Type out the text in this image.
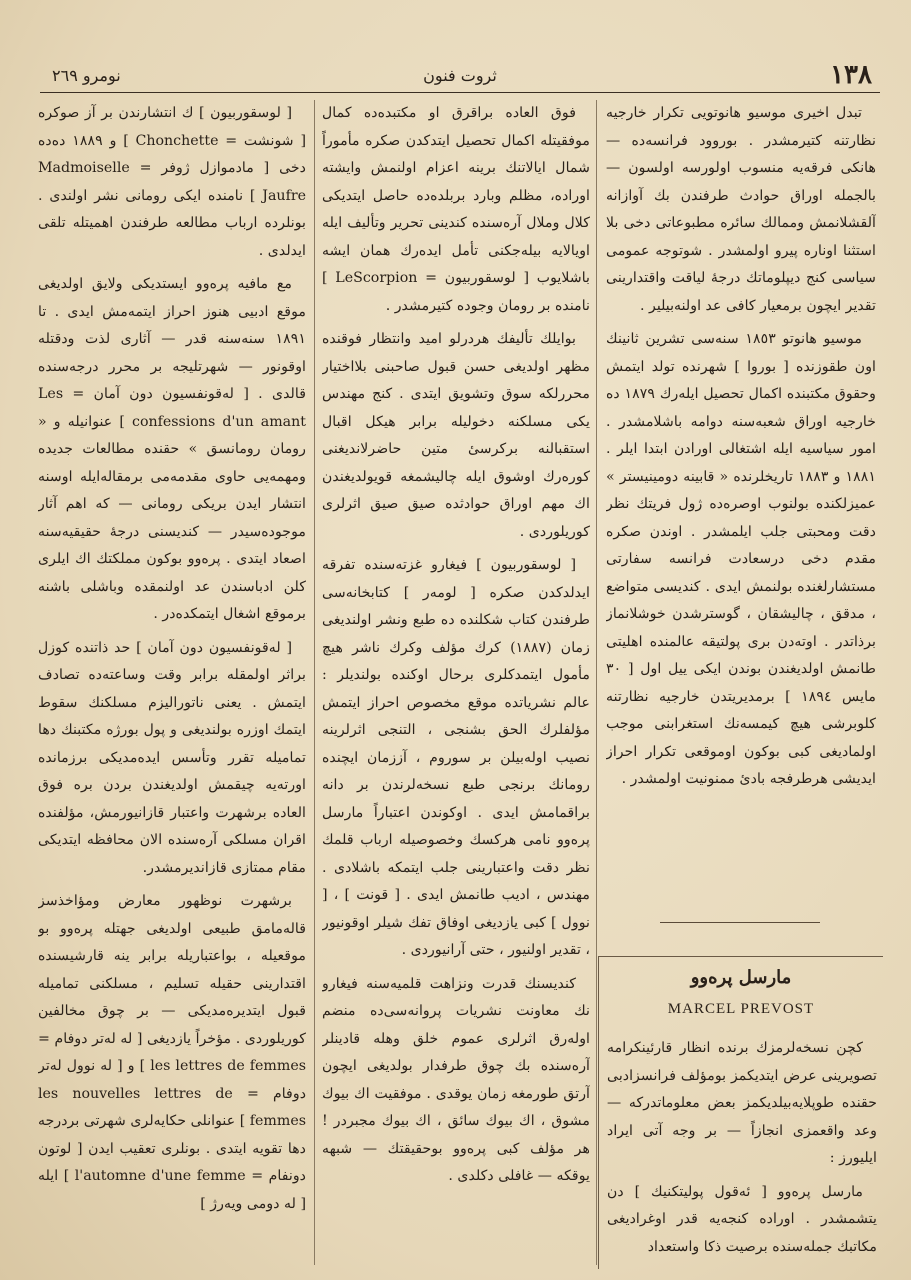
١٣٨
ثروت فنون
نومرو ٢٦٩

تبدل اخیری موسیو هانوتویی تکرار خارجیه نظارتنه کتیرمشدر . بوروود فرانسه‌ده — هانکی فرقه‌یه منسوب اولورسه اولسون — بالجمله اوراق حوادث طرفندن بك آوازانه آلقشلانمش وممالك سائره مطبوعاتی دخی بلا استثنا اوناره پیرو اولمشدر . شوتوجه عمومی سیاسی کنج دیپلوماتك درجهٔ لیاقت واقتدارینی تقدیر ایچون برمعیار کافی عد اولنه‌بیلیر .

موسیو هانوتو ١٨٥٣ سنه‌سی تشرین ثانینك اون طقوزنده [ بوروا ] شهرنده تولد ایتمش وحقوق مکتبنده اکمال تحصیل ایله‌رك ١٨٧٩ ده خارجیه اوراق شعبه‌سنه دوامه باشلامشدر . امور سیاسیه ایله اشتغالی اورادن ابتدا ایلر . ١٨٨١ و ١٨٨٣ تاریخلرنده « قابینه دومینیستر » عمیزلکنده بولنوب اوصره‌ده ژول فریتك نظر دقت ومحبتی جلب ایلمشدر . اوندن صکره مقدم دخی درسعادت فرانسه سفارتی مستشارلغنده بولنمش ایدی . کندیسی متواضع ، مدقق ، چالیشقان ، گوسترشدن خوشلانماز برذاتدر . اوتەدن بری پولتیقه عالمنده اهلیتی طانمش اولدیغندن بوندن ایکی ییل اول [ ٣٠ مایس ١٨٩٤ ] برمدیریتدن خارجیه نظارتنه کلوبرشی هیچ کیمسه‌نك استغرابنی موجب اولمادیغی کبی بوکون اوموقعی تکرار احراز ایدیشی هرطرفجه بادئ ممنونیت اولمشدر .

مارسل پره‌وو
MARCEL PREVOST

کچن نسخه‌لرمزك برنده انظار قارئینکرامه تصویرینی عرض ایتدیکمز بومؤلف فرانسزادبی حقنده طوپلایه‌بیلدیکمز بعض معلوماتدرکه — وعد واقعمزی انجازاً — بر وجه آتی ایراد ایلیورز :

مارسل پره‌وو [ ئەقول پولیتکنیك ] دن یتشمشدر . اوراده کنجه‌یه قدر اوغرادیغی مکاتبك جمله‌سنده برصیت ذکا واستعداد

فوق العاده براقرق او مکتبده‌ده کمال موفقیتله اکمال تحصیل ایتدکدن صکره مأموراً شمال ایالاتنك برینه اعزام اولنمش وایشته اوراده، مظلم وبارد بربلده‌ده حاصل ایتدیکی کلال وملال آره‌سنده کندینی تحریر وتألیف ایله اویالایه بیله‌جکنی تأمل ایده‌رك همان ایشه باشلایوب [ لوسقوربیون = LeScorpion ] نامنده بر رومان وجوده کتیرمشدر .

بوایلك تألیفك هردرلو امید وانتظار فوقنده مظهر اولدیغی حسن قبول صاحبنی بلااختیار محررلکه سوق وتشویق ایتدی . کنج مهندس یکی مسلکنه دخولیله برابر هیکل اقبال استقبالنه برکرسیٔ متین حاضرلاندیغنی کوره‌رك اوشوق ایله چالیشمغه قویولدیغندن اك مهم اوراق حوادثده صیق صیق اثرلری کوریلوردی .

[ لوسقوربیون ] فیغارو غزته‌سنده تفرقه ایدلدکدن صکره [ لومەر ] کتابخانه‌سی طرفندن کتاب شکلنده ده طبع ونشر اولندیغی زمان (١٨٨٧) کرك مؤلف وکرك ناشر هیچ مأمول ایتمدکلری برحال اوکنده بولندیلر : عالم نشریاتده موقع مخصوص احراز ایتمش مؤلفلرك الحق بشنجی ، التنجی اثرلرینه نصیب اوله‌بیلن بر سوروم ، آززمان ایچنده رومانك برنجی طبع نسخه‌لرندن بر دانه براقمامش ایدی . اوکوندن اعتباراً مارسل پره‌وو نامی هرکسك وخصوصیله ارباب قلمك نظر دقت واعتبارینی جلب ایتمکه باشلادی . مهندس ، ادیب طانمش ایدی . [ قونت ] ، [ نوول ] کبی یازدیغی اوفاق تفك شیلر اوقونیور ، تقدیر اولنیور ، حتی آرانیوردی .

کندیسنك قدرت ونزاهت قلمیه‌سنه فیغارو نك معاونت نشریات پروانه‌سی‌ده منضم اوله‌رق اثرلری عموم خلق وهله قادینلر آره‌سنده بك چوق طرفدار بولدیغی ایچون آرتق طورمغه زمان یوقدی . موفقیت اك بیوك مشوق ، اك بیوك سائق ، اك بیوك مجبردر ! هر مؤلف کبی پره‌وو بوحقیقتك — شبهه یوقکه — غافلی دکلدی .

[ لوسقوربیون ] ك انتشارندن بر آز صوکره [ شونشت = Chonchette ] و ١٨٨٩ ده‌ده دخی [ مادموازل ژوفر = Madmoiselle Jaufre ] نامنده ایکی رومانی نشر اولندی . بونلرده ارباب مطالعه طرفندن اهمیتله تلقی ایدلدی .

مع مافیه پره‌وو ایستدیکی ولایق اولدیغی موقع ادبیی هنوز احراز ایتمه‌مش ایدی . تا ١٨٩١ سنه‌سنه قدر — آثاری لذت ودقتله اوقونور — شهرتلیجه بر محرر درجه‌سنده قالدی . [ لەقونفسیون دون آمان = Les confessions d'un amant ] عنوانیله و « رومان رومانسق » حقنده مطالعات جدیده ومهمه‌یی حاوی مقدمه‌می برمقاله‌ایله اوسنه انتشار ایدن بریکی رومانی — که اهم آثار موجوده‌سیدر — کندیسنی درجهٔ حقیقیه‌سنه اصعاد ایتدی . پره‌وو بوکون مملکتك اك ایلری کلن ادباسندن عد اولنمقده وباشلی باشنه برموقع اشغال ایتمکده‌در .

[ لەقونفسیون دون آمان ] حد ذاتنده کوزل براثر اولمقله برابر وقت وساعته‌ده تصادف ایتمش . یعنی ناتورالیزم مسلکنك سقوط ایتمك اوزره بولندیغی و پول بورژه مکتبنك دها تمامیله تقرر وتأسس ایده‌مدیکی برزمانده اورته‌یه چیقمش اولدیغندن بردن بره فوق العاده برشهرت واعتبار قازانیورمش، مؤلفنده اقران مسلکی آره‌سنده الان محافظه ایتدیکی مقام ممتازی قازاندیرمشدر.

برشهرت نوظهور معارض ومؤاخذسز قالەمامق طبیعی اولدیغی جهتله پره‌وو بو موقعیله ، بواعتباریله برابر ینه قارشیسنده اقتدارینی حقیله تسلیم ، مسلکنی تمامیله قبول ایتدیره‌مدیکی — بر چوق مخالفین کوریلوردی . مؤخراً یازدیغی [ له لەتر دوفام = les lettres de femmes ] و [ له نوول لەتر دوفام = les nouvelles lettres de femmes ] عنوانلی حکایه‌لری شهرتی بردرجه دها تقویه ایتدی . بونلری تعقیب ایدن [ لوتون دونفام = l'automne d'une femme ] ایله [ له دومی ویه‌رژ ]
